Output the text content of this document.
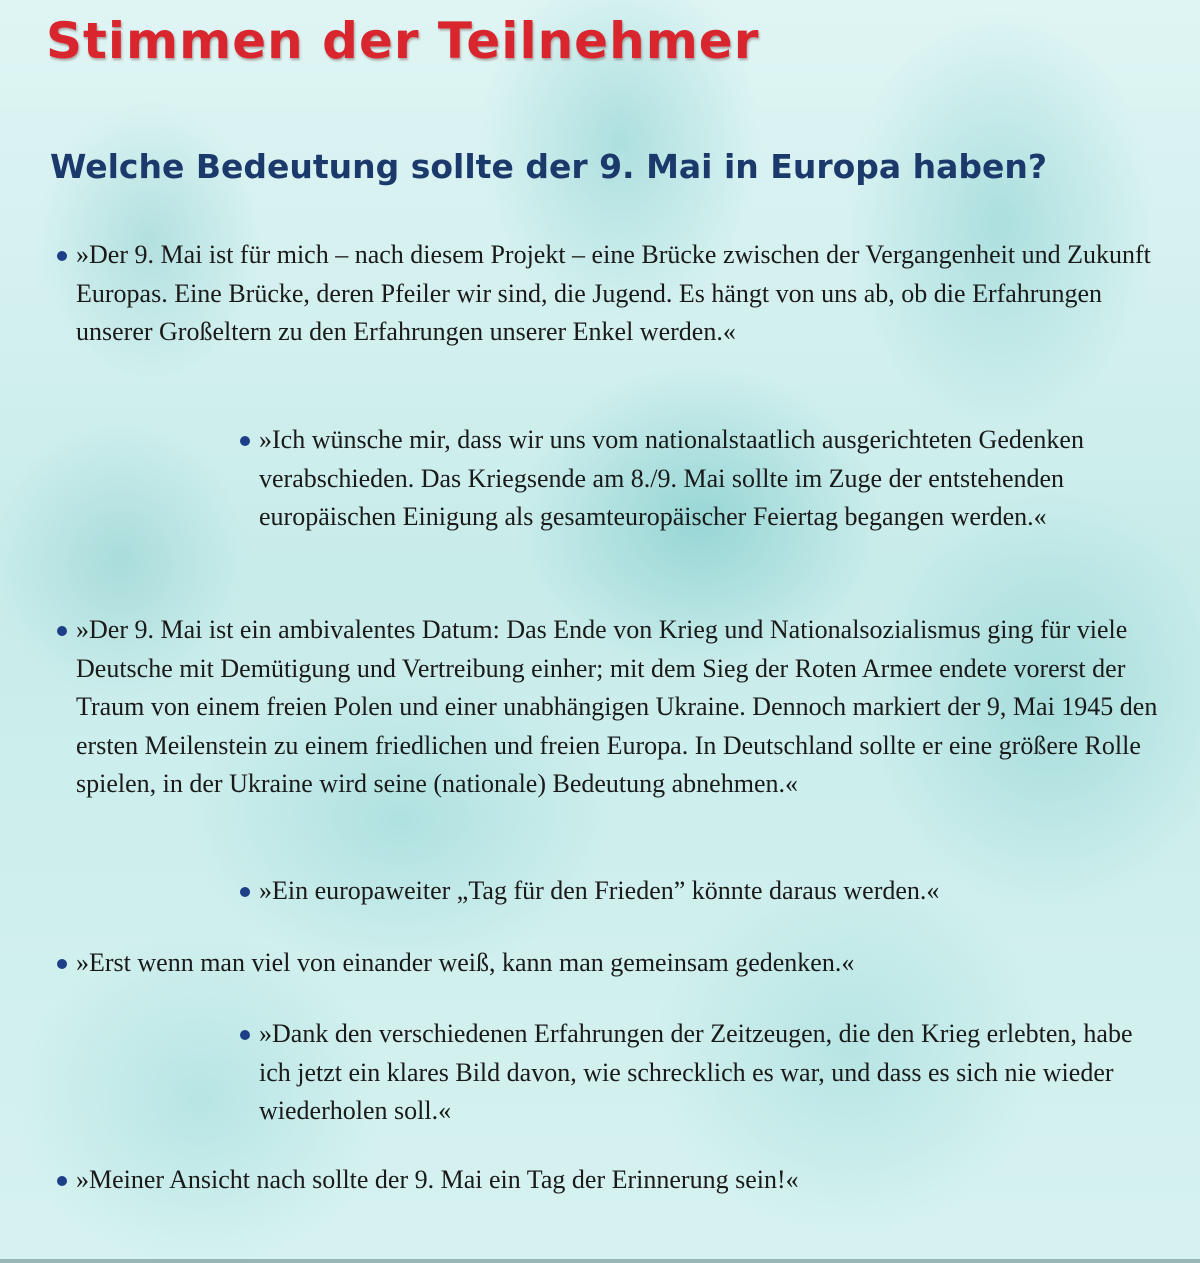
Stimmen der Teilnehmer
Welche Bedeutung sollte der 9. Mai in Europa haben?

»Der 9. Mai ist für mich – nach diesem Projekt – eine Brücke zwischen der Vergangenheit und Zukunft Europas. Eine Brücke, deren Pfeiler wir sind, die Jugend. Es hängt von uns ab, ob die Erfahrungen unserer Großeltern zu den Erfahrungen unserer Enkel werden.«

»Ich wünsche mir, dass wir uns vom nationalstaatlich ausgerichteten Gedenken verabschieden. Das Kriegsende am 8./9. Mai sollte im Zuge der entstehenden europäischen Einigung als gesamteuropäischer Feiertag begangen werden.«

»Der 9. Mai ist ein ambivalentes Datum: Das Ende von Krieg und Nationalsozialismus ging für viele Deutsche mit Demütigung und Vertreibung einher; mit dem Sieg der Roten Armee endete vorerst der Traum von einem freien Polen und einer unabhängigen Ukraine. Dennoch markiert der 9, Mai 1945 den ersten Meilenstein zu einem friedlichen und freien Europa. In Deutschland sollte er eine größere Rolle spielen, in der Ukraine wird seine (nationale) Bedeutung abnehmen.«

»Ein europaweiter „Tag für den Frieden” könnte daraus werden.«

»Erst wenn man viel von einander weiß, kann man gemeinsam gedenken.«

»Dank den verschiedenen Erfahrungen der Zeitzeugen, die den Krieg erlebten, habe ich jetzt ein klares Bild davon, wie schrecklich es war, und dass es sich nie wieder wiederholen soll.«

»Meiner Ansicht nach sollte der 9. Mai ein Tag der Erinnerung sein!«
